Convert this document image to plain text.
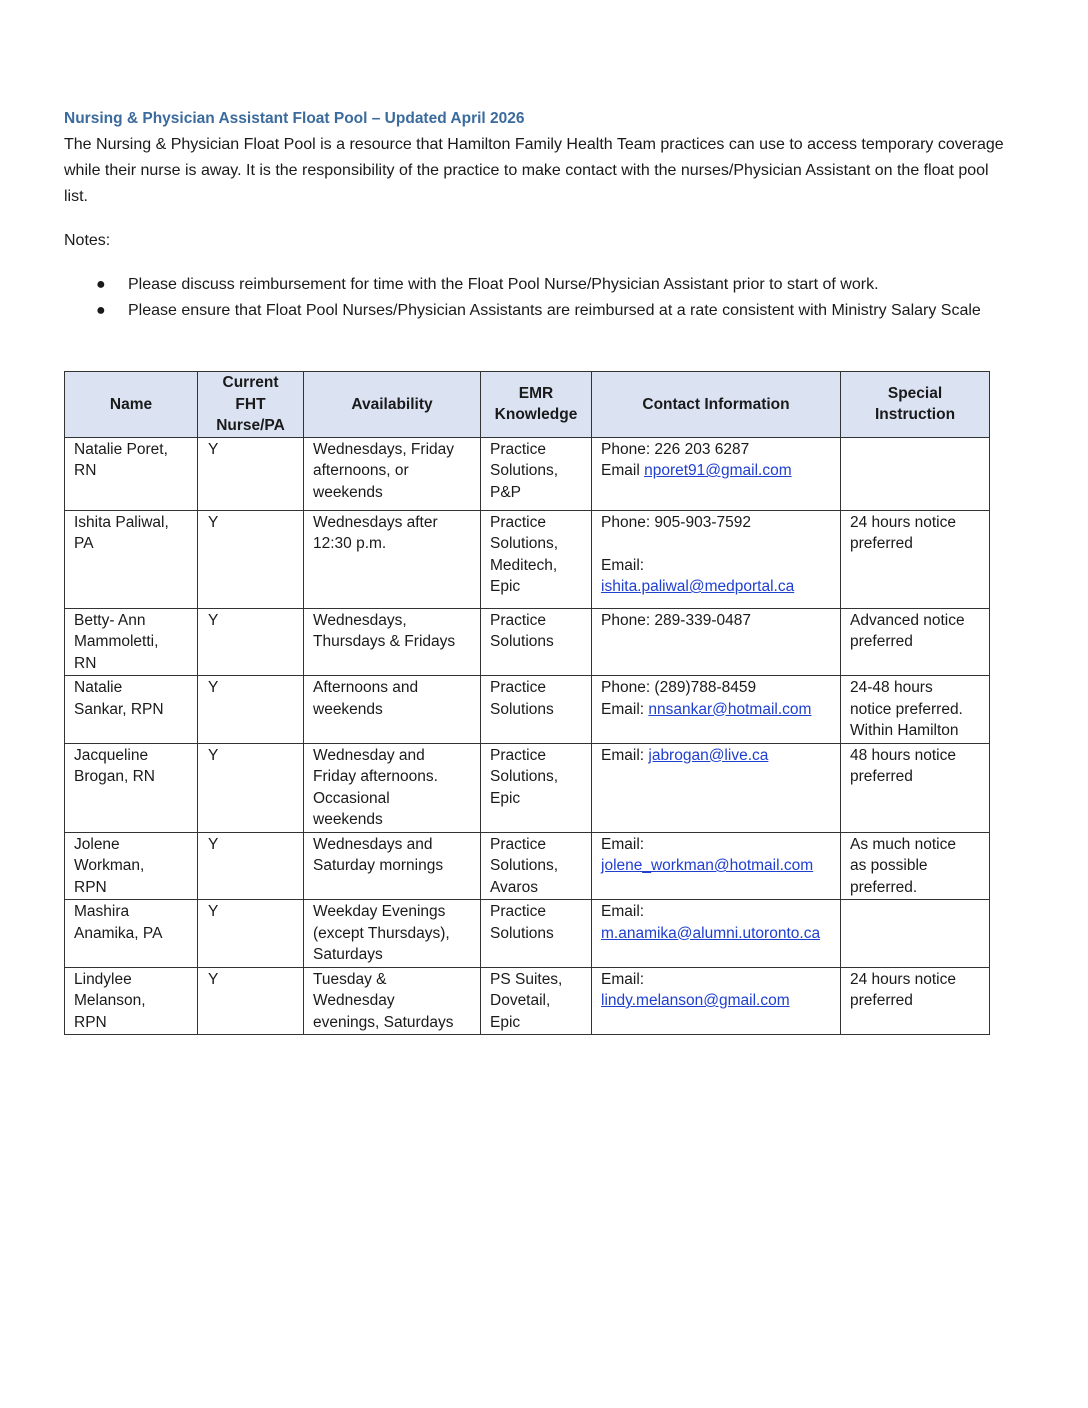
Nursing & Physician Assistant Float Pool – Updated April 2026

The Nursing & Physician Float Pool is a resource that Hamilton Family Health Team practices can use to access temporary coverage while their nurse is away. It is the responsibility of the practice to make contact with the nurses/Physician Assistant on the float pool list.

Notes:

● Please discuss reimbursement for time with the Float Pool Nurse/Physician Assistant prior to start of work.
● Please ensure that Float Pool Nurses/Physician Assistants are reimbursed at a rate consistent with Ministry Salary Scale
Name	Current
FHT
Nurse/PA	Availability	EMR
Knowledge	Contact Information	Special
Instruction

Natalie Poret,
RN	Y	Wednesdays, Friday
afternoons, or
weekends	Practice
Solutions,
P&P	Phone: 226 203 6287
Email nporet91@gmail.com	

Ishita Paliwal,
PA	Y	Wednesdays after
12:30 p.m.	Practice
Solutions,
Meditech,
Epic	Phone: 905-903-7592
Email:
ishita.paliwal@medportal.ca	24 hours notice
preferred

Betty- Ann
Mammoletti,
RN	Y	Wednesdays,
Thursdays & Fridays	Practice
Solutions	Phone: 289-339-0487	Advanced notice
preferred

Natalie
Sankar, RPN	Y	Afternoons and
weekends	Practice
Solutions	Phone: (289)788-8459
Email: nnsankar@hotmail.com	24-48 hours
notice preferred.
Within Hamilton

Jacqueline
Brogan, RN	Y	Wednesday and
Friday afternoons.
Occasional
weekends	Practice
Solutions,
Epic	Email: jabrogan@live.ca	48 hours notice
preferred

Jolene
Workman,
RPN	Y	Wednesdays and
Saturday mornings	Practice
Solutions,
Avaros	Email:
jolene_workman@hotmail.com	As much notice
as possible
preferred.

Mashira
Anamika, PA	Y	Weekday Evenings
(except Thursdays),
Saturdays	Practice
Solutions	Email:
m.anamika@alumni.utoronto.ca	

Lindylee
Melanson,
RPN	Y	Tuesday &
Wednesday
evenings, Saturdays	PS Suites,
Dovetail,
Epic	Email:
lindy.melanson@gmail.com	24 hours notice
preferred
